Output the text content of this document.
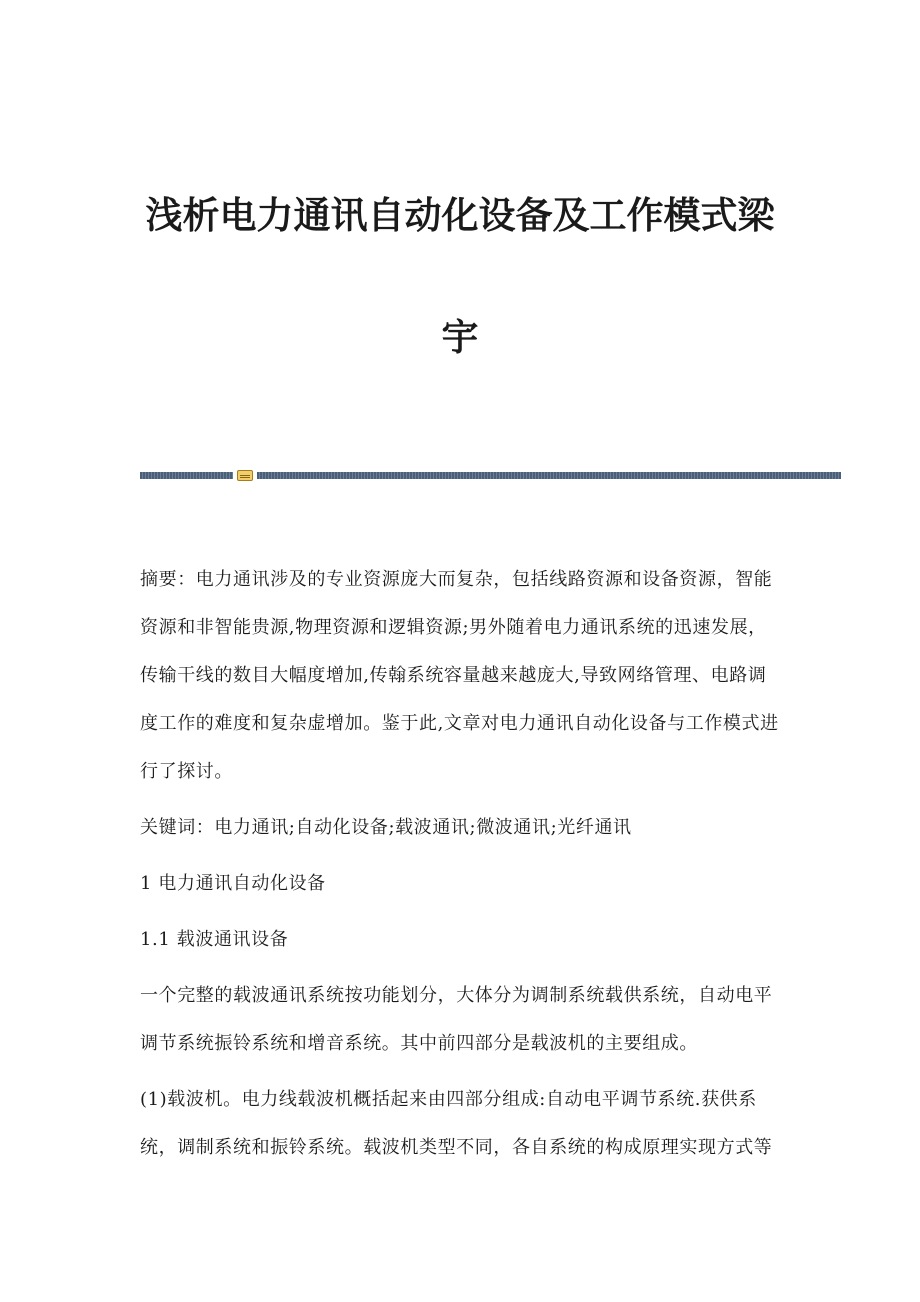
浅析电力通讯自动化设备及工作模式梁
宇

摘要：电力通讯涉及的专业资源庞大而复杂，包括线路资源和设备资源，智能

资源和非智能贵源,物理资源和逻辑资源;男外随着电力通讯系统的迅速发展，

传输干线的数目大幅度增加,传翰系统容量越来越庞大,导致网络管理、电路调

度工作的难度和复杂虚增加。鉴于此,文章对电力通讯自动化设备与工作模式进

行了探讨。

关键词：电力通讯;自动化设备;载波通讯;微波通讯;光纤通讯

1 电力通讯自动化设备

1.1 载波通讯设备

一个完整的载波通讯系统按功能划分，大体分为调制系统载供系统，自动电平

调节系统振铃系统和增音系统。其中前四部分是载波机的主要组成。

(1)载波机。电力线载波机概括起来由四部分组成:自动电平调节系统.获供系

统，调制系统和振铃系统。载波机类型不同，各自系统的构成原理实现方式等
